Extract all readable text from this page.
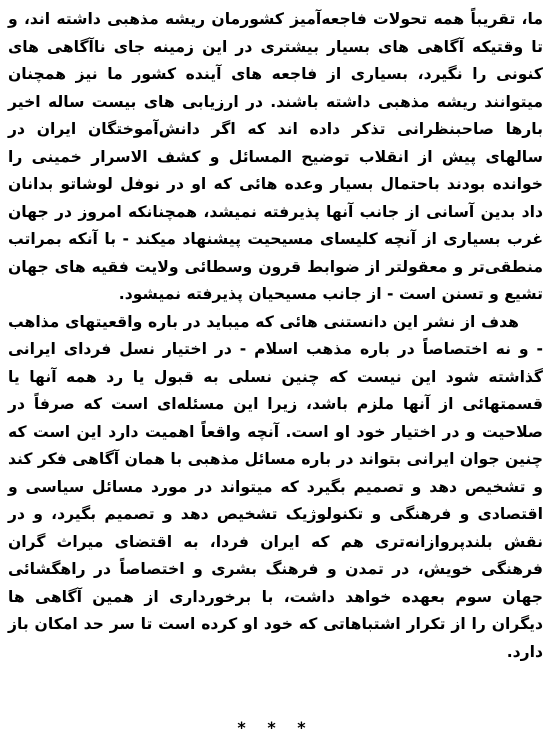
ما، تقریباً همه تحولات فاجعه‌آمیز کشورمان ریشه مذهبی داشته اند، و تا وقتیکه آگاهی های بسیار بیشتری در این زمینه جای ناآگاهی های کنونی را نگیرد، بسیاری از فاجعه های آینده کشور ما نیز همچنان میتوانند ریشه مذهبی داشته باشند. در ارزیابی های بیست ساله اخیر بارها صاحبنظرانی تذکر داده اند که اگر دانش‌آموختگان ایران در سالهای پیش از انقلاب توضیح المسائل و کشف الاسرار خمینی را خوانده بودند باحتمال بسیار وعده هائی که او در نوفل لوشاتو بدانان داد بدین آسانی از جانب آنها پذیرفته نمیشد، همچنانکه امروز در جهان غرب بسیاری از آنچه کلیسای مسیحیت پیشنهاد میکند - با آنکه بمراتب منطقی‌تر و معقولتر از ضوابط قرون وسطائی ولایت فقیه های جهان تشیع و تسنن است - از جانب مسیحیان پذیرفته نمیشود.

هدف از نشر این دانستنی هائی که میباید در باره واقعیتهای مذاهب - و نه اختصاصاً در باره مذهب اسلام - در اختیار نسل فردای ایرانی گذاشته شود این نیست که چنین نسلی به قبول یا رد همه آنها یا قسمتهائی از آنها ملزم باشد، زیرا این مسئله‌ای است که صرفاً در صلاحیت و در اختیار خود او است. آنچه واقعاً اهمیت دارد این است که چنین جوان ایرانی بتواند در باره مسائل مذهبی با همان آگاهی فکر کند و تشخیص دهد و تصمیم بگیرد که میتواند در مورد مسائل سیاسی و اقتصادی و فرهنگی و تکنولوژیک تشخیص دهد و تصمیم بگیرد، و در نقش بلندپروازانه‌تری هم که ایران فردا، به اقتضای میراث گران فرهنگی خویش، در تمدن و فرهنگ بشری و اختصاصاً در راهگشائی جهان سوم بعهده خواهد داشت، با برخورداری از همین آگاهی ها دیگران را از تکرار اشتباهاتی که خود او کرده است تا سر حد امکان باز دارد.

* * *
